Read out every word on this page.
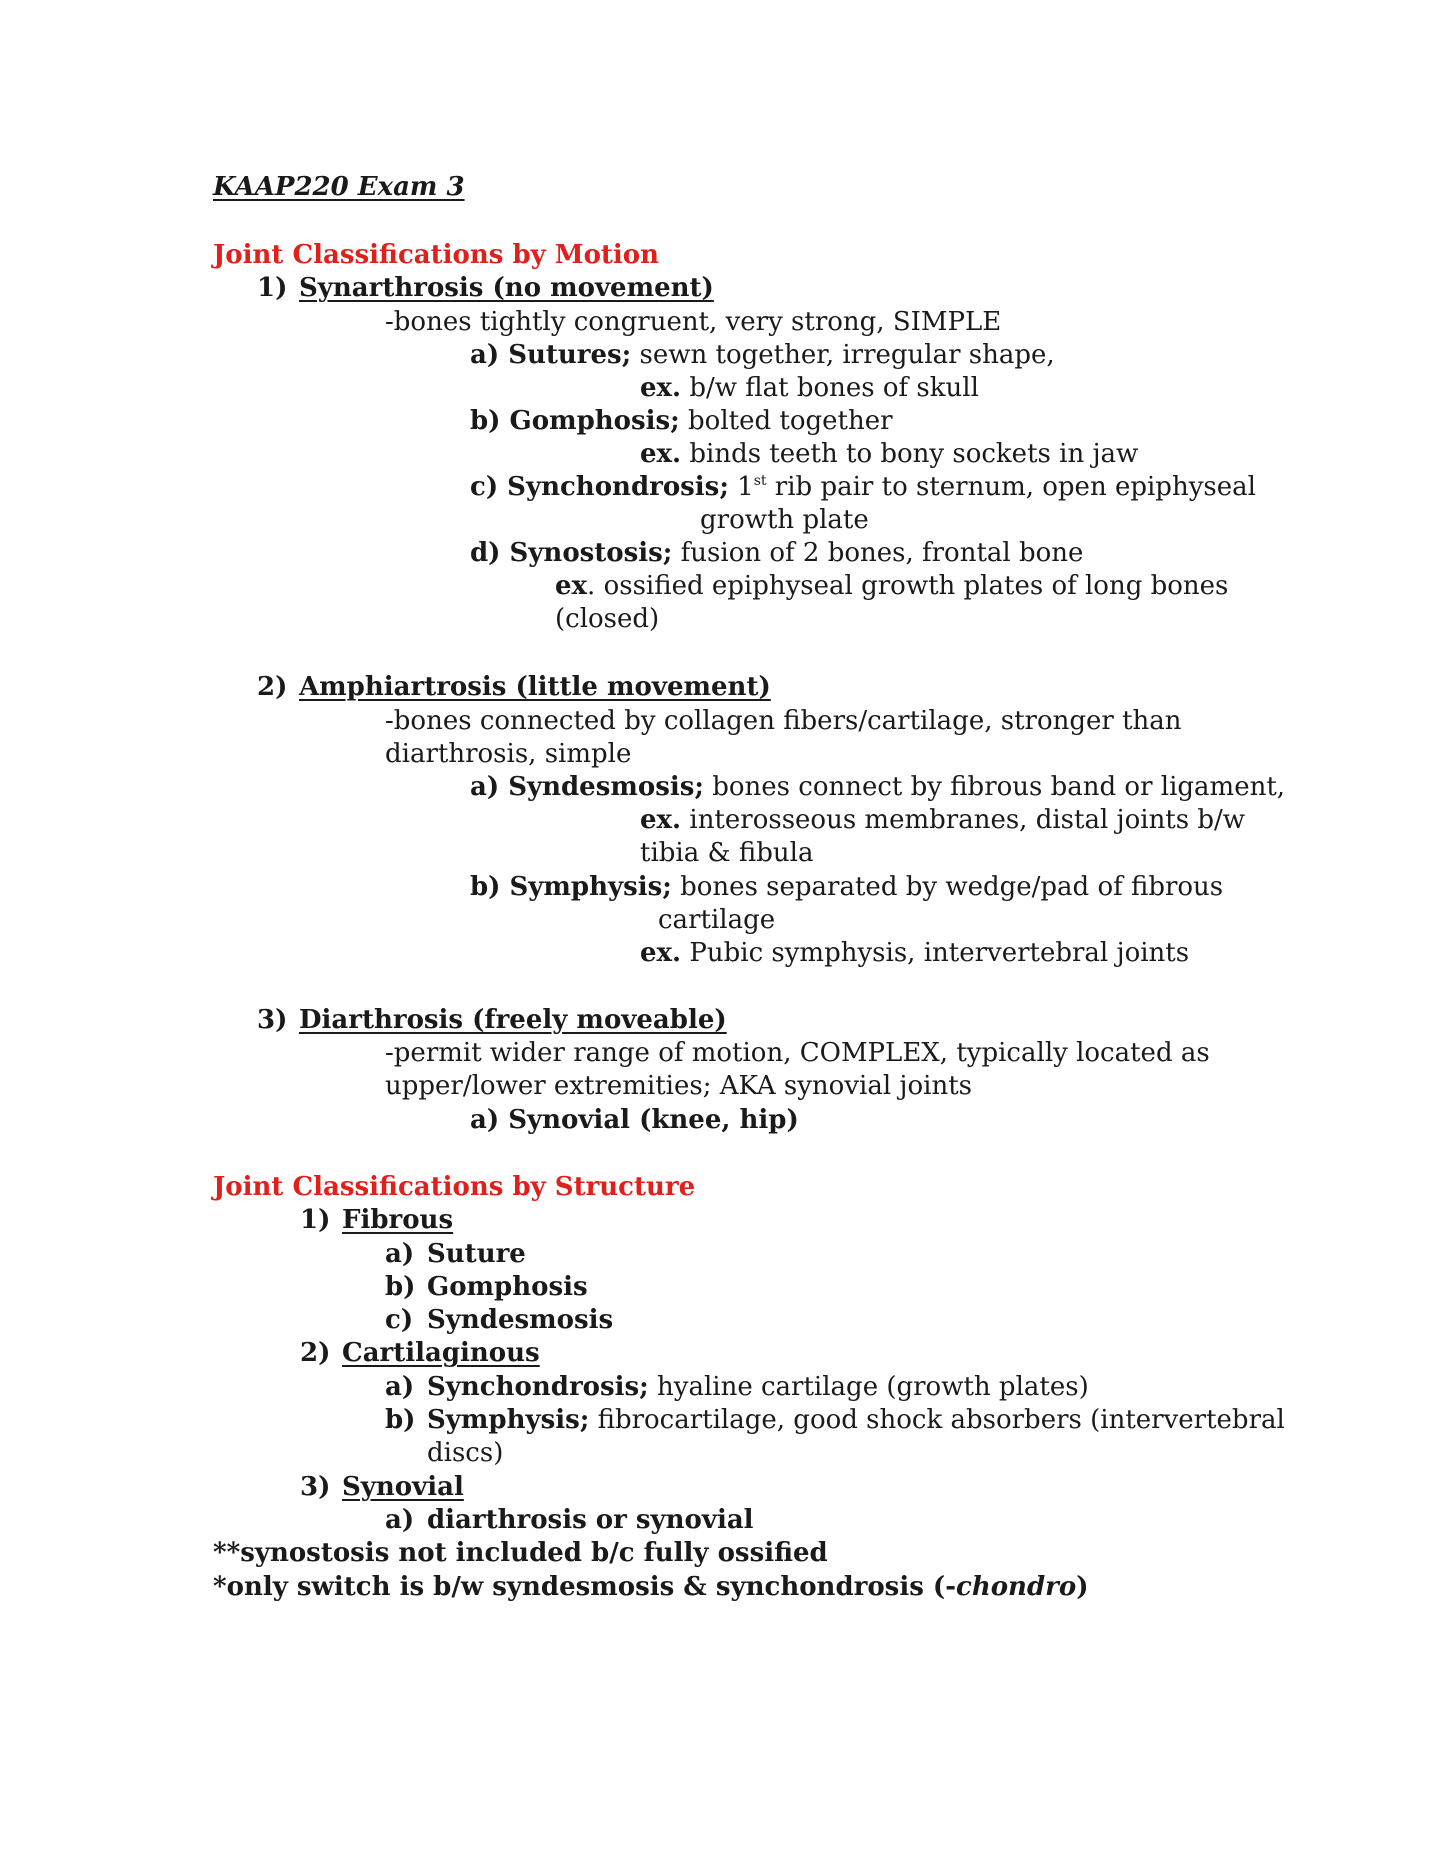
KAAP220 Exam 3
Joint Classifications by Motion
1) Synarthrosis (no movement)
-bones tightly congruent, very strong, SIMPLE
a) Sutures; sewn together, irregular shape,
ex. b/w flat bones of skull
b) Gomphosis; bolted together
ex. binds teeth to bony sockets in jaw
c) Synchondrosis; 1st rib pair to sternum, open epiphyseal
growth plate
d) Synostosis; fusion of 2 bones, frontal bone
ex. ossified epiphyseal growth plates of long bones
(closed)
2) Amphiartrosis (little movement)
-bones connected by collagen fibers/cartilage, stronger than
diarthrosis, simple
a) Syndesmosis; bones connect by fibrous band or ligament,
ex. interosseous membranes, distal joints b/w
tibia & fibula
b) Symphysis; bones separated by wedge/pad of fibrous
cartilage
ex. Pubic symphysis, intervertebral joints
3) Diarthrosis (freely moveable)
-permit wider range of motion, COMPLEX, typically located as
upper/lower extremities; AKA synovial joints
a) Synovial (knee, hip)
Joint Classifications by Structure
1) Fibrous
a) Suture
b) Gomphosis
c) Syndesmosis
2) Cartilaginous
a) Synchondrosis; hyaline cartilage (growth plates)
b) Symphysis; fibrocartilage, good shock absorbers (intervertebral
discs)
3) Synovial
a) diarthrosis or synovial
**synostosis not included b/c fully ossified
*only switch is b/w syndesmosis & synchondrosis (-chondro)
